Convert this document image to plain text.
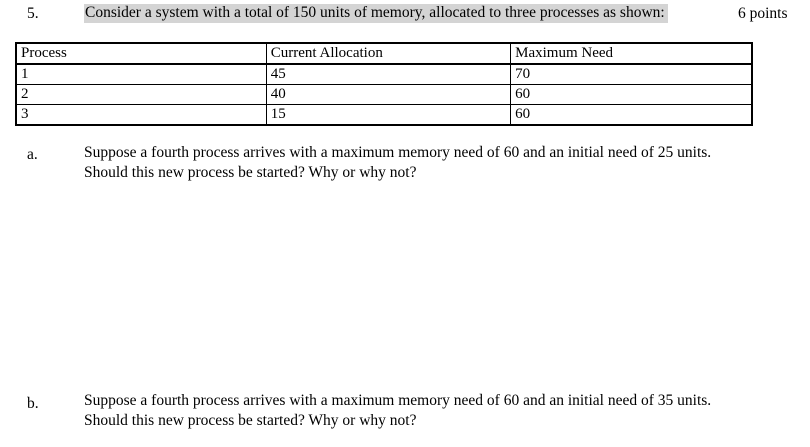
5.	Consider a system with a total of 150 units of memory, allocated to three processes as shown:	6 points
Process	Current Allocation	Maximum Need
1	45	70
2	40	60
3	15	60
a.	Suppose a fourth process arrives with a maximum memory need of 60 and an initial need of 25 units.
Should this new process be started? Why or why not?
b.	Suppose a fourth process arrives with a maximum memory need of 60 and an initial need of 35 units.
Should this new process be started? Why or why not?
